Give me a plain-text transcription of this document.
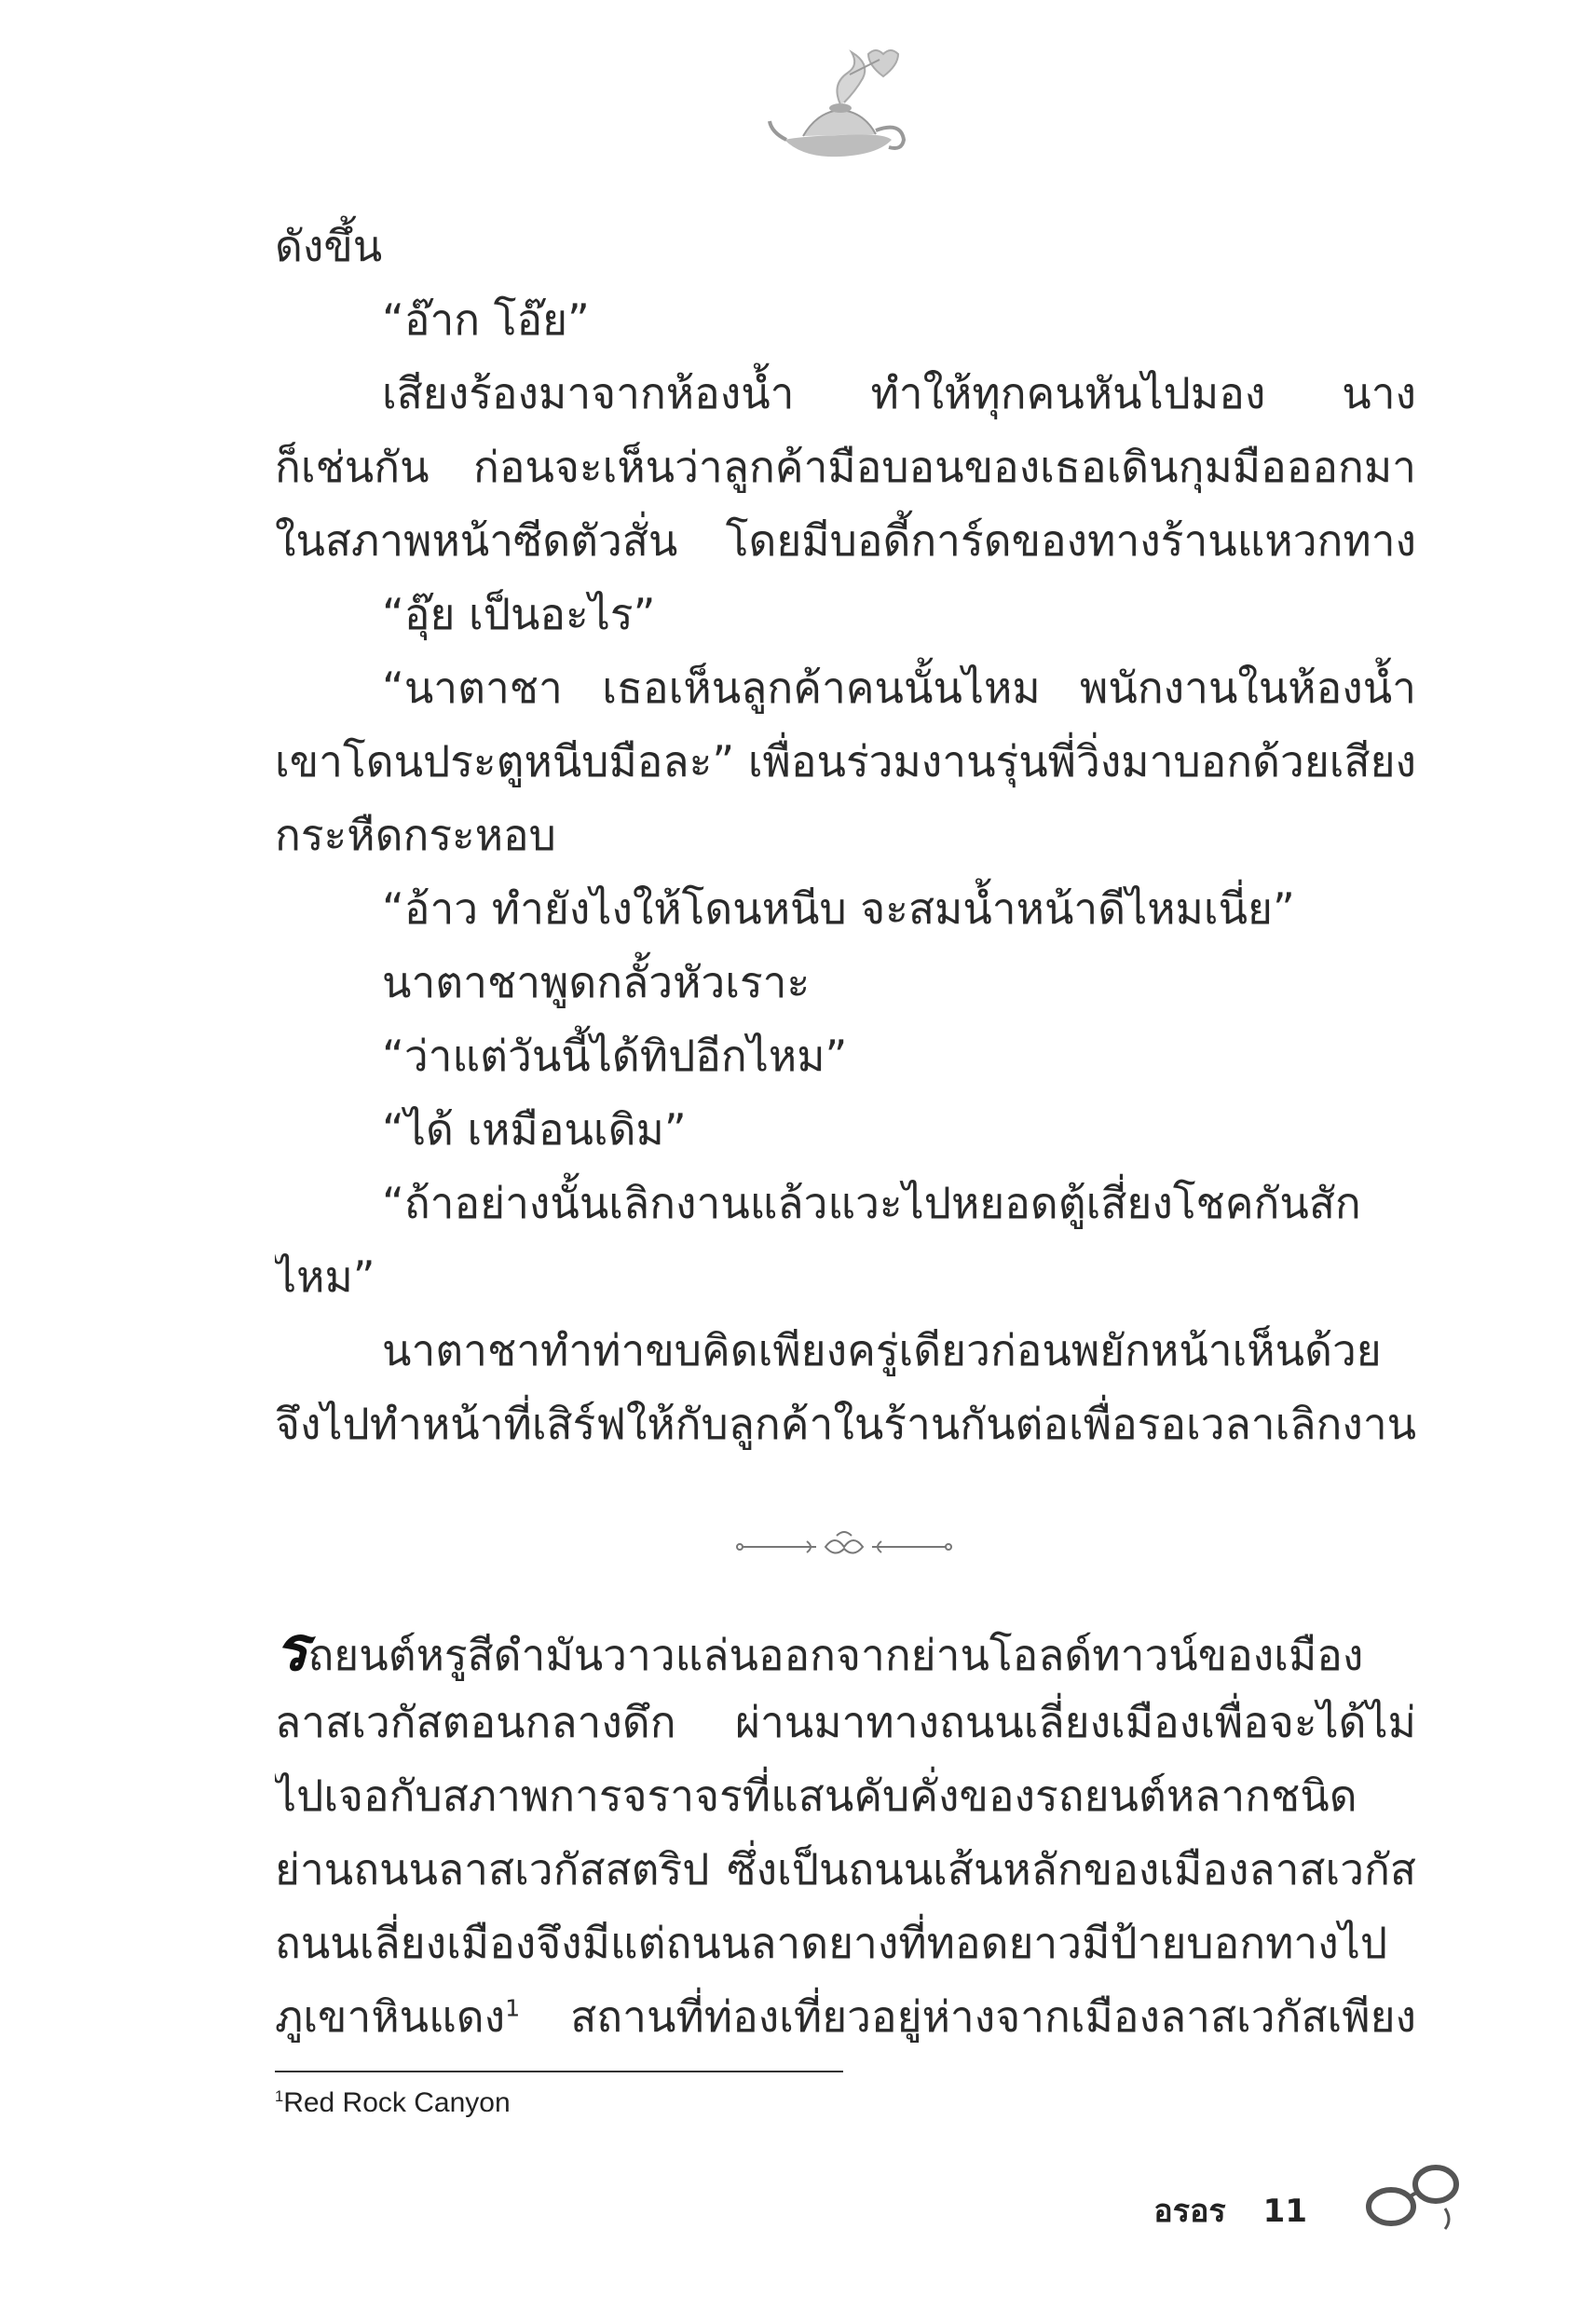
ดังขึ้น
“อ๊าก โอ๊ย”
เสียงร้องมาจากห้องน้ำ ทำให้ทุกคนหันไปมอง นาง
ก็เช่นกัน ก่อนจะเห็นว่าลูกค้ามือบอนของเธอเดินกุมมือออกมา
ในสภาพหน้าซีดตัวสั่น โดยมีบอดี้การ์ดของทางร้านแหวกทาง
“อุ๊ย เป็นอะไร”
“นาตาชา เธอเห็นลูกค้าคนนั้นไหม พนักงานในห้องน้ำ
เขาโดนประตูหนีบมือละ” เพื่อนร่วมงานรุ่นพี่วิ่งมาบอกด้วยเสียง
กระหืดกระหอบ
“อ้าว ทำยังไงให้โดนหนีบ จะสมน้ำหน้าดีไหมเนี่ย”
นาตาชาพูดกลั้วหัวเราะ
“ว่าแต่วันนี้ได้ทิปอีกไหม”
“ได้ เหมือนเดิม”
“ถ้าอย่างนั้นเลิกงานแล้วแวะไปหยอดตู้เสี่ยงโชคกันสัก
ไหม”
นาตาชาทำท่าขบคิดเพียงครู่เดียวก่อนพยักหน้าเห็นด้วย
จึงไปทำหน้าที่เสิร์ฟให้กับลูกค้าในร้านกันต่อเพื่อรอเวลาเลิกงาน
รถยนต์หรูสีดำมันวาวแล่นออกจากย่านโอลด์ทาวน์ของเมือง
ลาสเวกัสตอนกลางดึก ผ่านมาทางถนนเลี่ยงเมืองเพื่อจะได้ไม่
ไปเจอกับสภาพการจราจรที่แสนคับคั่งของรถยนต์หลากชนิด
ย่านถนนลาสเวกัสสตริป ซึ่งเป็นถนนเส้นหลักของเมืองลาสเวกัส
ถนนเลี่ยงเมืองจึงมีแต่ถนนลาดยางที่ทอดยาวมีป้ายบอกทางไป
ภูเขาหินแดง$^1$ สถานที่ท่องเที่ยวอยู่ห่างจากเมืองลาสเวกัสเพียง
$^1$Red Rock Canyon
อรอร 11
